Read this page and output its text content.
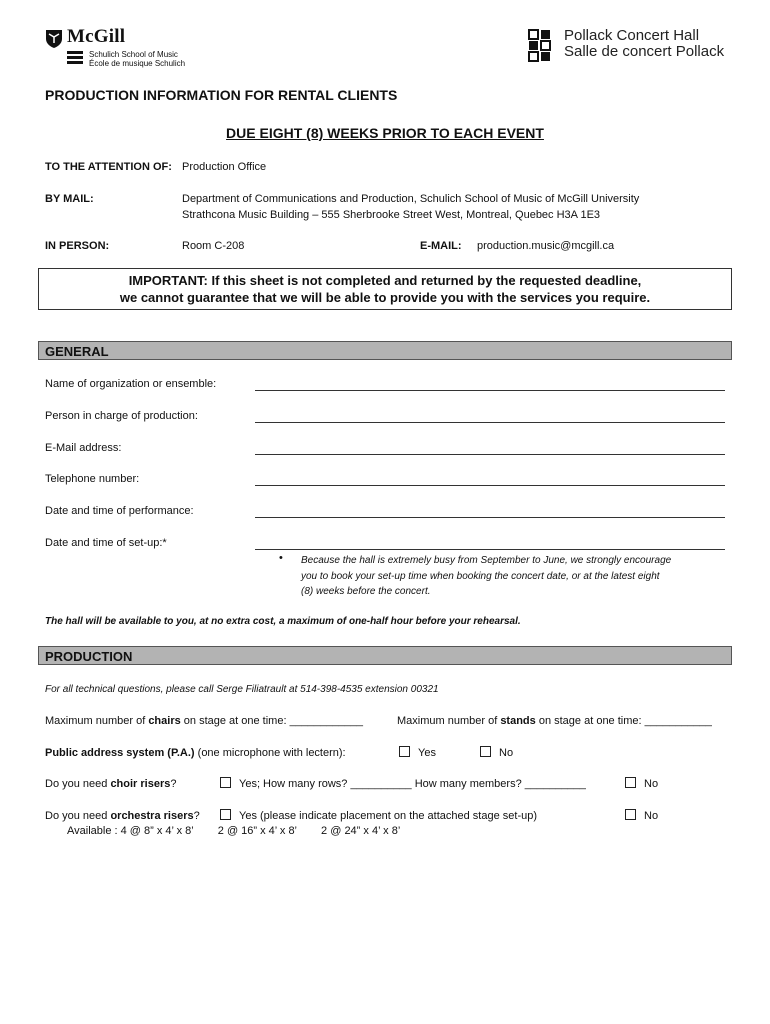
McGill
Schulich School of Music
École de musique Schulich
Pollack Concert Hall
Salle de concert Pollack
PRODUCTION INFORMATION FOR RENTAL CLIENTS
DUE EIGHT (8) WEEKS PRIOR TO EACH EVENT
TO THE ATTENTION OF: Production Office
BY MAIL:	Department of Communications and Production, Schulich School of Music of McGill University
Strathcona Music Building – 555 Sherbrooke Street West, Montreal, Quebec H3A 1E3
IN PERSON:	Room C-208	E-MAIL: production.music@mcgill.ca
IMPORTANT: If this sheet is not completed and returned by the requested deadline,
we cannot guarantee that we will be able to provide you with the services you require.
GENERAL
Name of organization or ensemble:
Person in charge of production:
E-Mail address:
Telephone number:
Date and time of performance:
Date and time of set-up:*
• Because the hall is extremely busy from September to June, we strongly encourage
you to book your set-up time when booking the concert date, or at the latest eight
(8) weeks before the concert.
The hall will be available to you, at no extra cost, a maximum of one-half hour before your rehearsal.
PRODUCTION
For all technical questions, please call Serge Filiatrault at 514-398-4535 extension 00321
Maximum number of chairs on stage at one time: ____________	Maximum number of stands on stage at one time: ___________
Public address system (P.A.) (one microphone with lectern):	Yes	No
Do you need choir risers?	Yes; How many rows? __________ How many members? __________	No
Do you need orchestra risers?	Yes (please indicate placement on the attached stage set-up)	No
Available : 4 @ 8” x 4’ x 8’        2 @ 16” x 4’ x 8’        2 @ 24” x 4’ x 8’
